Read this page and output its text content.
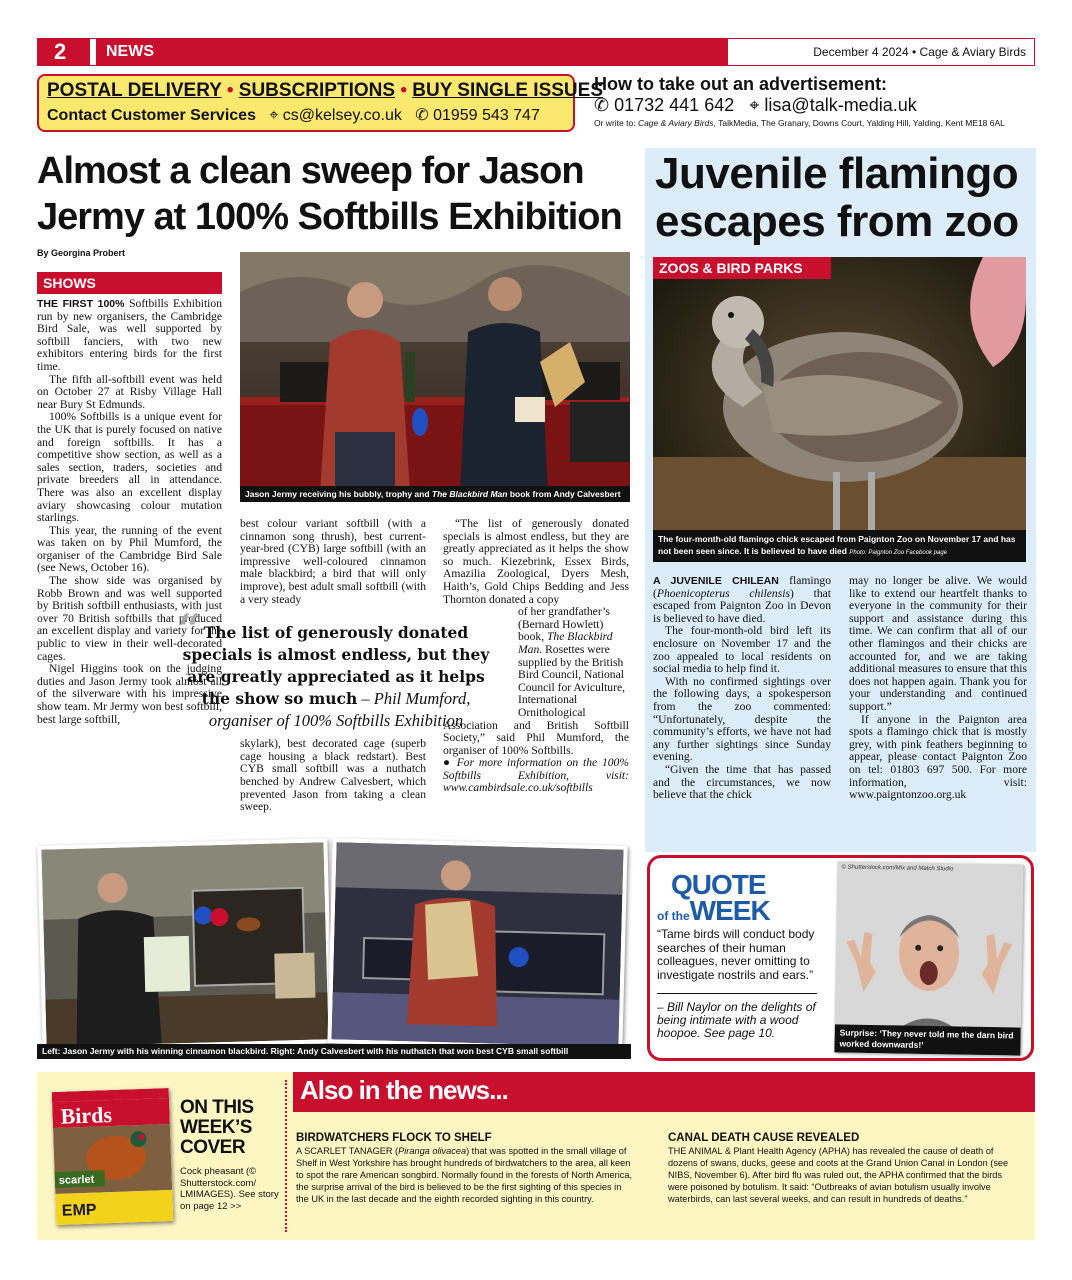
2	NEWS	December 4 2024 • Cage & Aviary Birds
POSTAL DELIVERY • SUBSCRIPTIONS • BUY SINGLE ISSUES
Contact Customer Services   ⌖ cs@kelsey.co.uk   ✆ 01959 543 747
How to take out an advertisement:
✆ 01732 441 642   ⌖ lisa@talk-media.uk
Or write to: Cage & Aviary Birds, TalkMedia, The Granary, Downs Court, Yalding Hill, Yalding, Kent ME18 6AL
Almost a clean sweep for Jason Jermy at 100% Softbills Exhibition
By Georgina Probert
SHOWS

THE FIRST 100% Softbills Exhibition run by new organisers, the Cambridge Bird Sale, was well supported by softbill fanciers, with two new exhibitors entering birds for the first time.

The fifth all-softbill event was held on October 27 at Risby Village Hall near Bury St Edmunds.

100% Softbills is a unique event for the UK that is purely focused on native and foreign softbills. It has a competitive show section, as well as a sales section, traders, societies and private breeders all in attendance. There was also an excellent display aviary showcasing colour mutation starlings.

This year, the running of the event was taken on by Phil Mumford, the organiser of the Cambridge Bird Sale (see News, October 16).

The show side was organised by Robb Brown and was well supported by British softbill enthusiasts, with just over 70 British softbills that produced an excellent display and variety for the public to view in their well-decorated cages.

Nigel Higgins took on the judging duties and Jason Jermy took almost all of the silverware with his impressive show team. Mr Jermy won best softbill, best large softbill,

Jason Jermy receiving his bubbly, trophy and The Blackbird Man book from Andy Calvesbert

best colour variant softbill (with a cinnamon song thrush), best current-year-bred (CYB) large softbill (with an impressive well-coloured cinnamon male blackbird; a bird that will only improve), best adult small softbill (with a very steady

skylark), best decorated cage (superb cage housing a black redstart). Best CYB small softbill was a nuthatch benched by Andrew Calvesbert, which prevented Jason from taking a clean sweep.

“The list of generously donated specials is almost endless, but they are greatly appreciated as it helps the show so much. Kiezebrink, Essex Birds, Amazilia Zoological, Dyers Mesh, Haith’s, Gold Chips Bedding and Jess Thornton donated a copy

of her grandfather’s (Bernard Howlett) book, The Blackbird Man. Rosettes were supplied by the British Bird Council, National Council for Aviculture, International Ornithological

Association and British Softbill Society,” said Phil Mumford, the organiser of 100% Softbills.

● For more information on the 100% Softbills Exhibition, visit: www.cambirdsale.co.uk/softbills

“ The list of generously donated specials is almost endless, but they are greatly appreciated as it helps the show so much – Phil Mumford, organiser of 100% Softbills Exhibition
Left: Jason Jermy with his winning cinnamon blackbird. Right: Andy Calvesbert with his nuthatch that won best CYB small softbill
Juvenile flamingo escapes from zoo
ZOOS & BIRD PARKS
The four-month-old flamingo chick escaped from Paignton Zoo on November 17 and has not been seen since. It is believed to have died Photo: Paignton Zoo Facebook page

A JUVENILE CHILEAN flamingo (Phoenicopterus chilensis) that escaped from Paignton Zoo in Devon is believed to have died.

The four-month-old bird left its enclosure on November 17 and the zoo appealed to local residents on social media to help find it.

With no confirmed sightings over the following days, a spokesperson from the zoo commented: “Unfortunately, despite the community’s efforts, we have not had any further sightings since Sunday evening.

“Given the time that has passed and the circumstances, we now believe that the chick

may no longer be alive. We would like to extend our heartfelt thanks to everyone in the community for their support and assistance during this time. We can confirm that all of our other flamingos and their chicks are accounted for, and we are taking additional measures to ensure that this does not happen again. Thank you for your understanding and continued support.”

If anyone in the Paignton area spots a flamingo chick that is mostly grey, with pink feathers beginning to appear, please contact Paignton Zoo on tel: 01803 697 500. For more information, visit: www.paigntonzoo.org.uk

QUOTE
of theWEEK
“Tame birds will conduct body searches of their human colleagues, never omitting to investigate nostrils and ears.”
– Bill Naylor on the delights of being intimate with a wood hoopoe. See page 10.
© Shutterstock.com/Mix and Match Studio
Surprise: ‘They never told me the darn bird worked downwards!’
Also in the news...
Birds
scarlet
EMP
ON THIS WEEK’S COVER
Cock pheasant (© Shutterstock.com/ LMIMAGES). See story on page 12 >>
BIRDWATCHERS FLOCK TO SHELF
A SCARLET TANAGER (Piranga olivacea) that was spotted in the small village of Shelf in West Yorkshire has brought hundreds of birdwatchers to the area, all keen to spot the rare American songbird. Normally found in the forests of North America, the surprise arrival of the bird is believed to be the first sighting of this species in the UK in the last decade and the eighth recorded sighting in this country.
CANAL DEATH CAUSE REVEALED
THE ANIMAL & Plant Health Agency (APHA) has revealed the cause of death of dozens of swans, ducks, geese and coots at the Grand Union Canal in London (see NIBS, November 6). After bird flu was ruled out, the APHA confirmed that the birds were poisoned by botulism. It said: “Outbreaks of avian botulism usually involve waterbirds, can last several weeks, and can result in hundreds of deaths.”
